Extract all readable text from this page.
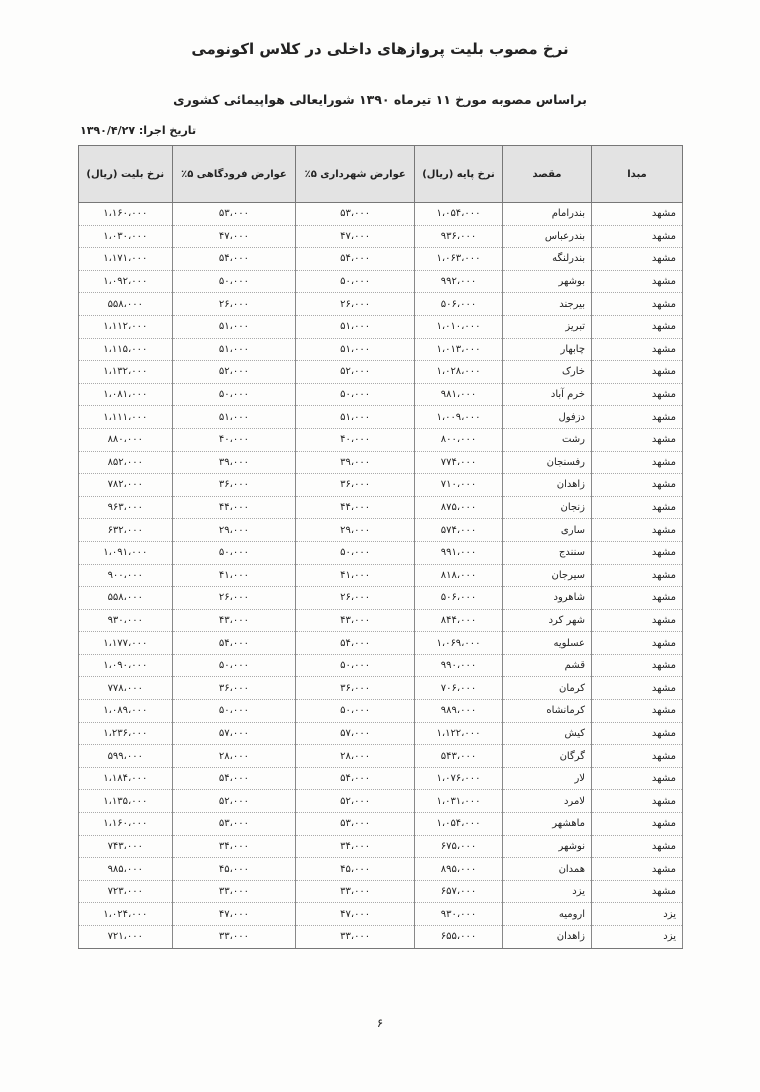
نرخ مصوب بلیت پروازهای داخلی در کلاس اکونومی
براساس مصوبه مورخ ۱۱ تیرماه ۱۳۹۰ شورایعالی هواپیمائی کشوری
تاریخ اجرا: ۱۳۹۰/۴/۲۷
مبدا	مقصد	نرخ پایه (ریال)	عوارض شهرداری ۵٪	عوارض فرودگاهی ۵٪	نرخ بلیت (ریال)
مشهد	بندرامام	۱،۰۵۴،۰۰۰	۵۳،۰۰۰	۵۳،۰۰۰	۱،۱۶۰،۰۰۰
مشهد	بندرعباس	۹۳۶،۰۰۰	۴۷،۰۰۰	۴۷،۰۰۰	۱،۰۳۰،۰۰۰
مشهد	بندرلنگه	۱،۰۶۳،۰۰۰	۵۴،۰۰۰	۵۴،۰۰۰	۱،۱۷۱،۰۰۰
مشهد	بوشهر	۹۹۲،۰۰۰	۵۰،۰۰۰	۵۰،۰۰۰	۱،۰۹۲،۰۰۰
مشهد	بیرجند	۵۰۶،۰۰۰	۲۶،۰۰۰	۲۶،۰۰۰	۵۵۸،۰۰۰
مشهد	تبریز	۱،۰۱۰،۰۰۰	۵۱،۰۰۰	۵۱،۰۰۰	۱،۱۱۲،۰۰۰
مشهد	چابهار	۱،۰۱۳،۰۰۰	۵۱،۰۰۰	۵۱،۰۰۰	۱،۱۱۵،۰۰۰
مشهد	خارک	۱،۰۲۸،۰۰۰	۵۲،۰۰۰	۵۲،۰۰۰	۱،۱۳۲،۰۰۰
مشهد	خرم آباد	۹۸۱،۰۰۰	۵۰،۰۰۰	۵۰،۰۰۰	۱،۰۸۱،۰۰۰
مشهد	دزفول	۱،۰۰۹،۰۰۰	۵۱،۰۰۰	۵۱،۰۰۰	۱،۱۱۱،۰۰۰
مشهد	رشت	۸۰۰،۰۰۰	۴۰،۰۰۰	۴۰،۰۰۰	۸۸۰،۰۰۰
مشهد	رفسنجان	۷۷۴،۰۰۰	۳۹،۰۰۰	۳۹،۰۰۰	۸۵۲،۰۰۰
مشهد	زاهدان	۷۱۰،۰۰۰	۳۶،۰۰۰	۳۶،۰۰۰	۷۸۲،۰۰۰
مشهد	زنجان	۸۷۵،۰۰۰	۴۴،۰۰۰	۴۴،۰۰۰	۹۶۳،۰۰۰
مشهد	ساری	۵۷۴،۰۰۰	۲۹،۰۰۰	۲۹،۰۰۰	۶۳۲،۰۰۰
مشهد	سنندج	۹۹۱،۰۰۰	۵۰،۰۰۰	۵۰،۰۰۰	۱،۰۹۱،۰۰۰
مشهد	سیرجان	۸۱۸،۰۰۰	۴۱،۰۰۰	۴۱،۰۰۰	۹۰۰،۰۰۰
مشهد	شاهرود	۵۰۶،۰۰۰	۲۶،۰۰۰	۲۶،۰۰۰	۵۵۸،۰۰۰
مشهد	شهر کرد	۸۴۴،۰۰۰	۴۳،۰۰۰	۴۳،۰۰۰	۹۳۰،۰۰۰
مشهد	عسلویه	۱،۰۶۹،۰۰۰	۵۴،۰۰۰	۵۴،۰۰۰	۱،۱۷۷،۰۰۰
مشهد	قشم	۹۹۰،۰۰۰	۵۰،۰۰۰	۵۰،۰۰۰	۱،۰۹۰،۰۰۰
مشهد	کرمان	۷۰۶،۰۰۰	۳۶،۰۰۰	۳۶،۰۰۰	۷۷۸،۰۰۰
مشهد	کرمانشاه	۹۸۹،۰۰۰	۵۰،۰۰۰	۵۰،۰۰۰	۱،۰۸۹،۰۰۰
مشهد	کیش	۱،۱۲۲،۰۰۰	۵۷،۰۰۰	۵۷،۰۰۰	۱،۲۳۶،۰۰۰
مشهد	گرگان	۵۴۳،۰۰۰	۲۸،۰۰۰	۲۸،۰۰۰	۵۹۹،۰۰۰
مشهد	لار	۱،۰۷۶،۰۰۰	۵۴،۰۰۰	۵۴،۰۰۰	۱،۱۸۴،۰۰۰
مشهد	لامرد	۱،۰۳۱،۰۰۰	۵۲،۰۰۰	۵۲،۰۰۰	۱،۱۳۵،۰۰۰
مشهد	ماهشهر	۱،۰۵۴،۰۰۰	۵۳،۰۰۰	۵۳،۰۰۰	۱،۱۶۰،۰۰۰
مشهد	نوشهر	۶۷۵،۰۰۰	۳۴،۰۰۰	۳۴،۰۰۰	۷۴۳،۰۰۰
مشهد	همدان	۸۹۵،۰۰۰	۴۵،۰۰۰	۴۵،۰۰۰	۹۸۵،۰۰۰
مشهد	یزد	۶۵۷،۰۰۰	۳۳،۰۰۰	۳۳،۰۰۰	۷۲۳،۰۰۰
یزد	ارومیه	۹۳۰،۰۰۰	۴۷،۰۰۰	۴۷،۰۰۰	۱،۰۲۴،۰۰۰
یزد	زاهدان	۶۵۵،۰۰۰	۳۳،۰۰۰	۳۳،۰۰۰	۷۲۱،۰۰۰
۶
